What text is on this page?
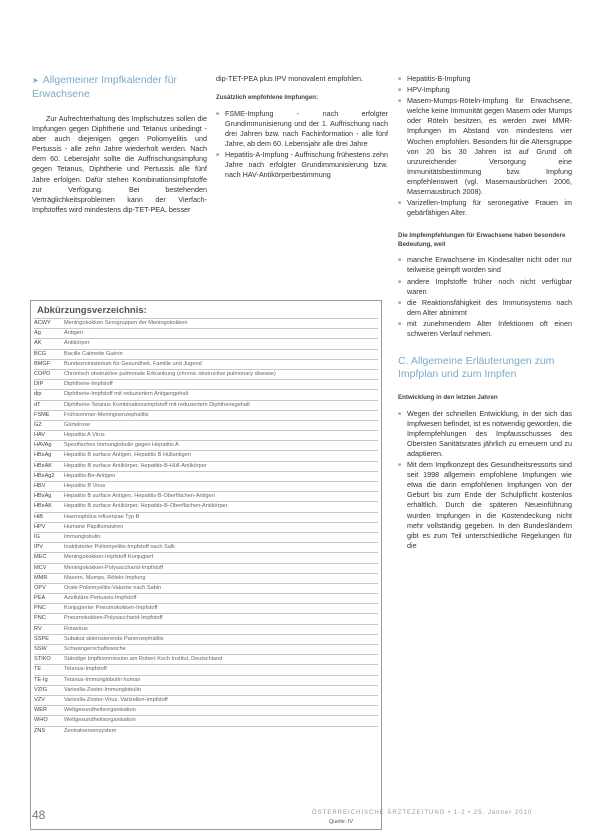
➤ Allgemeiner Impfkalender für Erwachsene

Zur Aufrechterhaltung des Impfschutzes sollen die Impfungen gegen Diphtherie und Tetanus unbedingt - aber auch diejenigen gegen Poliomyelitis und Pertussis - alle zehn Jahre wiederholt werden. Nach dem 60. Lebensjahr sollte die Auffrischungsimpfung gegen Tetanus, Diphtherie und Pertussis alle fünf Jahre erfolgen. Dafür stehen Kombinationsimpfstoffe zur Verfügung. Bei bestehenden Verträglichkeitsproblemen kann der Vierfach-Impfstoffes wird mindestens dip-TET-PEA, besser

dip-TET-PEA plus IPV monovalent empfohlen.

Zusätzlich empfohlene Impfungen:
■ FSME-Impfung - nach erfolgter Grundimmunisierung und der 1. Auffrischung nach drei Jahren bzw. nach Fachinformation - alle fünf Jahre, ab dem 60. Lebensjahr alle drei Jahre
■ Hepatitis-A-Impfung - Auffrischung frühestens zehn Jahre nach erfolgter Grundimmunisierung bzw. nach HAV-Antikörperbestimmung
■ Hepatitis-B-Impfung
■ HPV-Impfung
■ Masern-Mumps-Röteln-Impfung für Erwachsene, welche keine Immunität gegen Masern oder Mumps oder Röteln besitzen, es werden zwei MMR-Impfungen im Abstand von mindestens vier Wochen empfohlen. Besonders für die Altersgruppe von 20 bis 30 Jahren ist auf Grund oft unzureichender Versorgung eine Immunitätsbestimmung bzw. Impfung empfehlenswert (vgl. Masernausbrüchen 2006, Masernausbruch 2008).
■ Varizellen-Impfung für seronegative Frauen im gebärfähigen Alter.
Die Impfempfehlungen für Erwachsene haben besondere Bedeutung, weil
■ manche Erwachsene im Kindesalter nicht oder nur teilweise geimpft worden sind
■ andere Impfstoffe früher noch nicht verfügbar waren
■ die Reaktionsfähigkeit des Immunsystems nach dem Alter abnimmt
■ mit zunehmendem Alter Infektionen oft einen schweren Verlauf nehmen.
C. Allgemeine Erläuterungen zum Impfplan und zum Impfen
Entwicklung in den letzten Jahren
■ Wegen der schnellen Entwicklung, in der sich das Impfwesen befindet, ist es notwendig geworden, die Impfempfehlungen des Impfausschusses des Obersten Sanitätsrates jährlich zu erneuern und zu adaptieren.
■ Mit dem Impfkonzept des Gesundheitsressorts sind seit 1998 allgemein empfohlene Impfungen wie etwa die darin empfohlenen Impfungen von der Geburt bis zum Ende der Schulpflicht kostenlos erhältlich. Durch die späteren Neueinführung wurden Impfungen in die Kostendeckung nicht mehr vollständig gegeben. In den Bundesländern gibt es zum Teil unterschiedliche Regelungen für die
Abkürzungsverzeichnis:
ACWY	Meningokokken Serogruppen der Meningokokken
Ag	Antigen
AK	Antikörper
BCG	Bacille Calmette Guérin
BMGF	Bundesministerium für Gesundheit, Familie und Jugend
COPD	Chronisch obstruktive pulmonale Erkrankung (chronic obstructive pulmonary disease)
DIP	Diphtherie-Impfstoff
dip	Diphtherie-Impfstoff mit reduziertem Antigengehalt
dT	Diphtherie-Tetanus Kombinationsimpfstoff mit reduziertem Diphtheriegehalt
FSME	Frühsommer-Meningoenzephalitis
GZ	Gürtelrose
HAV	Hepatitis A Virus
HAVAg	Spezifisches Immunglobulin gegen Hepatitis A
HBsAg	Hepatitis B surface Antigen, Hepatitis B Hüllantigen
HBsAK	Hepatitis B surface Antikörper, Hepatitis-B-Hüll-Antikörper
HBsAg2	Hepatitis-Be-Antigen
HBV	Hepatitis B Virus
HBsAg	Hepatitis B surface Antigen, Hepatitis-B-Oberflächen-Antigen
HBsAK	Hepatitis B surface Antikörper, Hepatitis-B-Oberflächen-Antikörper
HiB	Haemophilus influenzae Typ B
HPV	Humane Papillomaviren
IG	Immunglobulin
IPV	Inaktivierter Poliomyelitis-Impfstoff nach Salk
MEC	Meningokokken-Impfstoff Konjugiert
MCV	Meningokokken-Polysaccharid-Impfstoff
MMR	Masern, Mumps, Röteln-Impfung
OPV	Orale Poliomyelitis-Vakzine nach Sabin
PEA	Azelluläre Pertussis-Impfstoff
PNC	Konjugierter Pneumokokken-Impfstoff
PNC	Pneumokokken-Polysaccharid-Impfstoff
RV	Rotavirus
SSPE	Subakut sklerosierende Panenzephalitis
SSW	Schwangerschaftswoche
STIKO	Ständige Impfkommission am Robert Koch Institut, Deutschland
TE	Tetanus-Impfstoff
TE-Ig	Tetanus-Immunglobulin human
VZIG	Varizella-Zoster-Immunglobulin
VZV	Varizella-Zoster-Virus, Varizellen-Impfstoff
WER	Weltgesundheitsorganisation
WHO	Weltgesundheitsorganisation
ZNS	Zentralnervensystem
Quelle: IV
48	ÖSTERREICHISCHE ÄRZTEZEITUNG • 1-2 • 25. Jänner 2010
